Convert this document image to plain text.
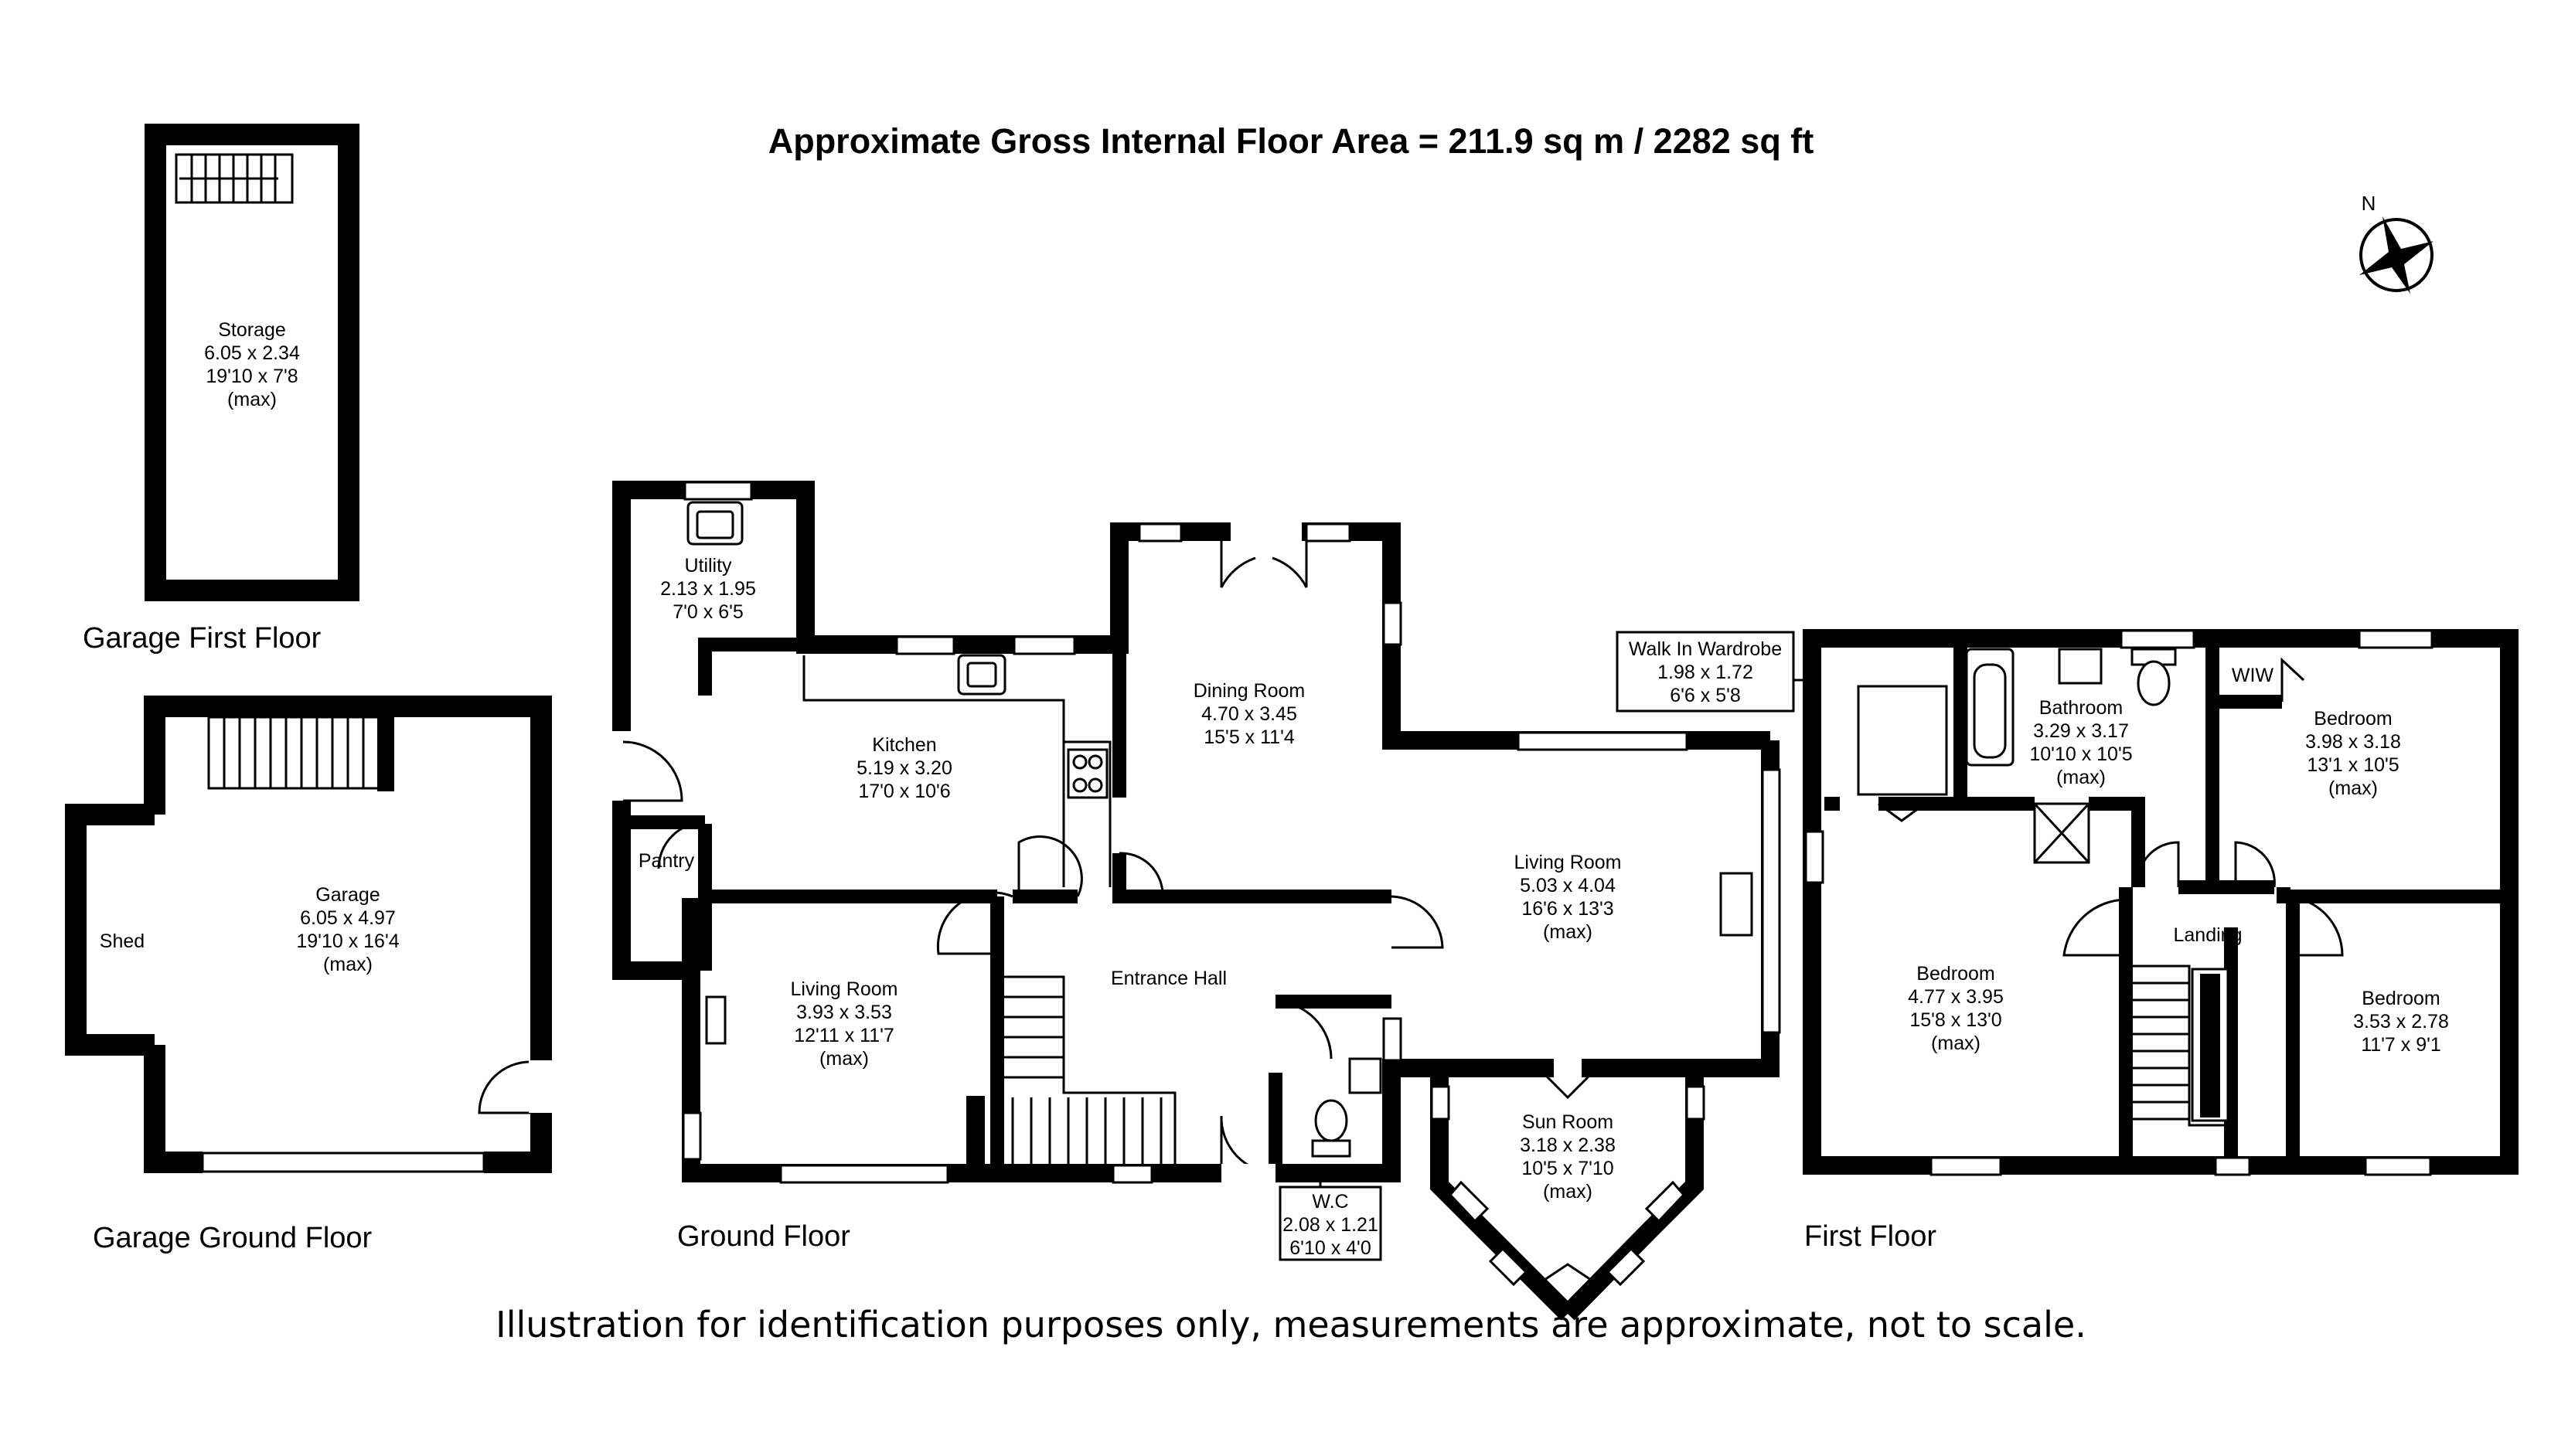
Approximate Gross Internal Floor Area = 211.9 sq m / 2282 sq ft
N
Storage
6.05 x 2.34
19'10 x 7'8
(max)
Garage First Floor
Shed
Garage
6.05 x 4.97
19'10 x 16'4
(max)
Garage Ground Floor
Utility
2.13 x 1.95
7'0 x 6'5
Kitchen
5.19 x 3.20
17'0 x 10'6
Pantry
Dining Room
4.70 x 3.45
15'5 x 11'4
Living Room
3.93 x 3.53
12'11 x 11'7
(max)
Entrance Hall
Living Room
5.03 x 4.04
16'6 x 13'3
(max)
Sun Room
3.18 x 2.38
10'5 x 7'10
(max)
W.C
2.08 x 1.21
6'10 x 4'0
Ground Floor
Bathroom
3.29 x 3.17
10'10 x 10'5
(max)
WIW
Bedroom
3.98 x 3.18
13'1 x 10'5
(max)
Bedroom
4.77 x 3.95
15'8 x 13'0
(max)
Landing
Bedroom
3.53 x 2.78
11'7 x 9'1
Walk In Wardrobe
1.98 x 1.72
6'6 x 5'8
First Floor
Illustration for identification purposes only, measurements are approximate, not to scale.
